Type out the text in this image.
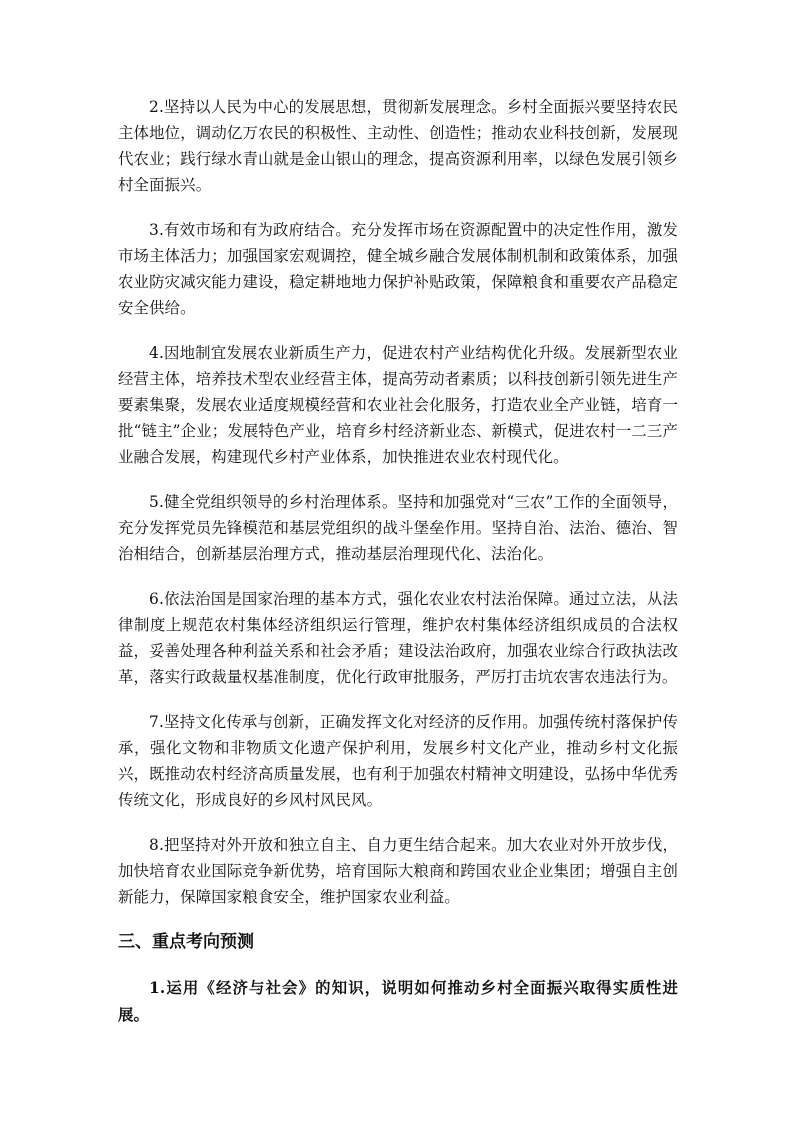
2.坚持以人民为中心的发展思想，贯彻新发展理念。乡村全面振兴要坚持农民主体地位，调动亿万农民的积极性、主动性、创造性；推动农业科技创新，发展现代农业；践行绿水青山就是金山银山的理念，提高资源利用率，以绿色发展引领乡村全面振兴。

3.有效市场和有为政府结合。充分发挥市场在资源配置中的决定性作用，激发市场主体活力；加强国家宏观调控，健全城乡融合发展体制机制和政策体系，加强农业防灾减灾能力建设，稳定耕地地力保护补贴政策，保障粮食和重要农产品稳定安全供给。

4.因地制宜发展农业新质生产力，促进农村产业结构优化升级。发展新型农业经营主体，培养技术型农业经营主体，提高劳动者素质；以科技创新引领先进生产要素集聚，发展农业适度规模经营和农业社会化服务，打造农业全产业链，培育一批“链主”企业；发展特色产业，培育乡村经济新业态、新模式，促进农村一二三产业融合发展，构建现代乡村产业体系，加快推进农业农村现代化。

5.健全党组织领导的乡村治理体系。坚持和加强党对“三农”工作的全面领导，充分发挥党员先锋模范和基层党组织的战斗堡垒作用。坚持自治、法治、德治、智治相结合，创新基层治理方式，推动基层治理现代化、法治化。

6.依法治国是国家治理的基本方式，强化农业农村法治保障。通过立法，从法律制度上规范农村集体经济组织运行管理，维护农村集体经济组织成员的合法权益，妥善处理各种利益关系和社会矛盾；建设法治政府，加强农业综合行政执法改革，落实行政裁量权基准制度，优化行政审批服务，严厉打击坑农害农违法行为。

7.坚持文化传承与创新，正确发挥文化对经济的反作用。加强传统村落保护传承，强化文物和非物质文化遗产保护利用，发展乡村文化产业，推动乡村文化振兴，既推动农村经济高质量发展，也有利于加强农村精神文明建设，弘扬中华优秀传统文化，形成良好的乡风村风民风。

8.把坚持对外开放和独立自主、自力更生结合起来。加大农业对外开放步伐，加快培育农业国际竞争新优势，培育国际大粮商和跨国农业企业集团；增强自主创新能力，保障国家粮食安全，维护国家农业利益。

三、重点考向预测

1.运用《经济与社会》的知识，说明如何推动乡村全面振兴取得实质性进展。
